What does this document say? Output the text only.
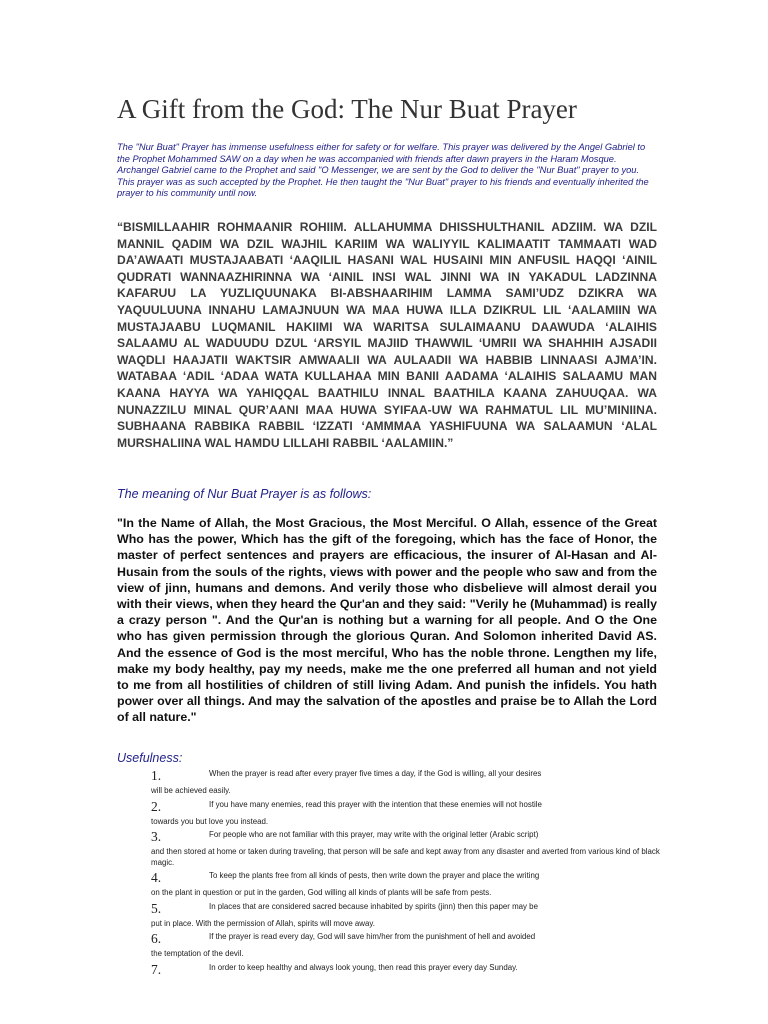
A Gift from the God: The Nur Buat Prayer
The "Nur Buat" Prayer has immense usefulness either for safety or for welfare. This prayer was delivered by the Angel Gabriel to the Prophet Mohammed SAW on a day when he was accompanied with friends after dawn prayers in the Haram Mosque. Archangel Gabriel came to the Prophet and said "O Messenger, we are sent by the God to deliver the "Nur Buat" prayer to you. This prayer was as such accepted by the Prophet. He then taught the "Nur Buat" prayer to his friends and eventually inherited the prayer to his community until now.
“BISMILLAAHIR ROHMAANIR ROHIIM. ALLAHUMMA DHISSHULTHANIL ADZIIM. WA DZIL MANNIL QADIM WA DZIL WAJHIL KARIIM WA WALIYYIL KALIMAATIT TAMMAATI WAD DA’AWAATI MUSTAJAABATI ‘AAQILIL HASANI WAL HUSAINI MIN ANFUSIL HAQQI ‘AINIL QUDRATI WANNAAZHIRINNA WA ‘AINIL INSI WAL JINNI WA IN YAKADUL LADZINNA KAFARUU LA YUZLIQUUNAKA BI-ABSHAARIHIM LAMMA SAMI’UDZ DZIKRA WA YAQUULUUNA INNAHU LAMAJNUUN WA MAA HUWA ILLA DZIKRUL LIL ‘AALAMIIN WA MUSTAJAABU LUQMANIL HAKIIMI WA WARITSA SULAIMAANU DAAWUDA ‘ALAIHIS SALAAMU AL WADUUDU DZUL ‘ARSYIL MAJIID THAWWIL ‘UMRII WA SHAHHIH AJSADII WAQDLI HAAJATII WAKTSIR AMWAALII WA AULAADII WA HABBIB LINNAASI AJMA’IN. WATABAA ‘ADIL ‘ADAA WATA KULLAHAA MIN BANII AADAMA ‘ALAIHIS SALAAMU MAN KAANA HAYYA WA YAHIQQAL BAATHILU INNAL BAATHILA KAANA ZAHUUQAA. WA NUNAZZILU MINAL QUR’AANI MAA HUWA SYIFAA-UW WA RAHMATUL LIL MU’MINIINA. SUBHAANA RABBIKA RABBIL ‘IZZATI ‘AMMMAA YASHIFUUNA WA SALAAMUN ‘ALAL MURSHALIINA WAL HAMDU LILLAHI RABBIL ‘AALAMIIN.”
The meaning of Nur Buat Prayer is as follows:
"In the Name of Allah, the Most Gracious, the Most Merciful. O Allah, essence of the Great Who has the power, Which has the gift of the foregoing, which has the face of Honor, the master of perfect sentences and prayers are efficacious, the insurer of Al-Hasan and Al-Husain from the souls of the rights, views with power and the people who saw and from the view of jinn, humans and demons. And verily those who disbelieve will almost derail you with their views, when they heard the Qur'an and they said: "Verily he (Muhammad) is really a crazy person ". And the Qur'an is nothing but a warning for all people. And O the One who has given permission through the glorious Quran. And Solomon inherited David AS. And the essence of God is the most merciful, Who has the noble throne. Lengthen my life, make my body healthy, pay my needs, make me the one preferred all human and not yield to me from all hostilities of children of still living Adam. And punish the infidels. You hath power over all things. And may the salvation of the apostles and praise be to Allah the Lord of all nature."
Usefulness:
1.	When the prayer is read after every prayer five times a day, if the God is willing, all your desires
will be achieved easily.
2.	If you have many enemies, read this prayer with the intention that these enemies will not hostile
towards you but love you instead.
3.	For people who are not familiar with this prayer, may write with the original letter (Arabic script)
and then stored at home or taken during traveling, that person will be safe and kept away from any disaster and averted from various kind of black magic.
4.	To keep the plants free from all kinds of pests, then write down the prayer and place the writing
on the plant in question or put in the garden, God willing all kinds of plants will be safe from pests.
5.	In places that are considered sacred because inhabited by spirits (jinn) then this paper may be
put in place. With the permission of Allah, spirits will move away.
6.	If the prayer is read every day, God will save him/her from the punishment of hell and avoided
the temptation of the devil.
7.	In order to keep healthy and always look young, then read this prayer every day Sunday.
